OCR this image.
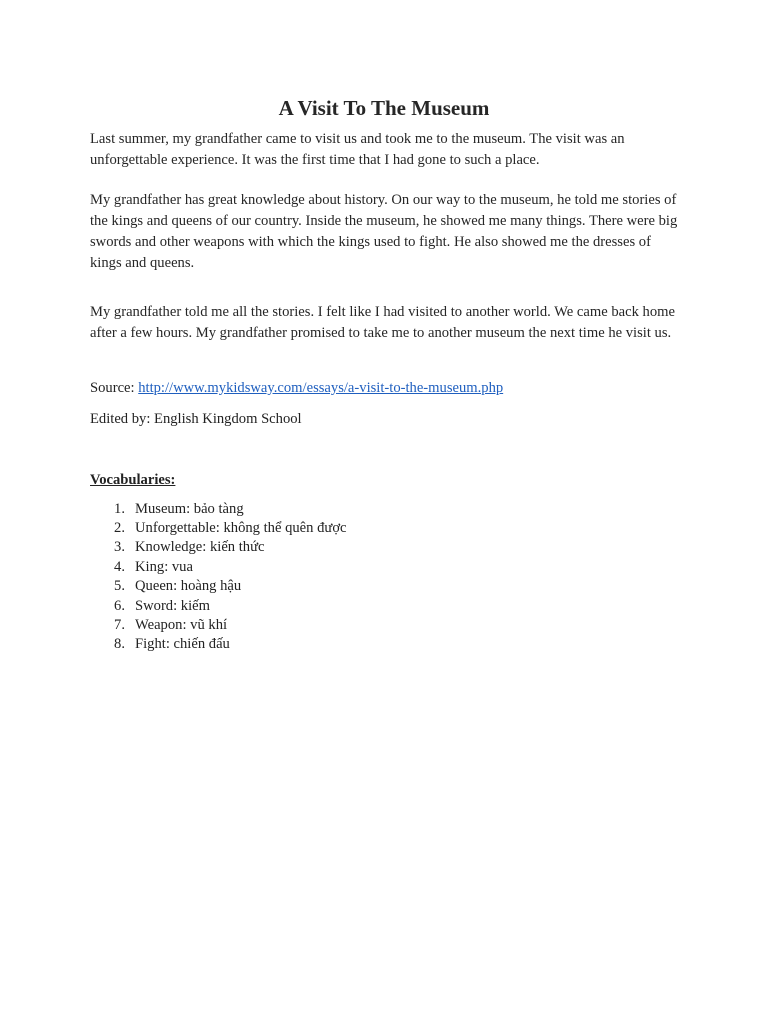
A Visit To The Museum

Last summer, my grandfather came to visit us and took me to the museum. The visit was an unforgettable experience. It was the first time that I had gone to such a place.

My grandfather has great knowledge about history. On our way to the museum, he told me stories of the kings and queens of our country. Inside the museum, he showed me many things. There were big swords and other weapons with which the kings used to fight. He also showed me the dresses of kings and queens.

My grandfather told me all the stories. I felt like I had visited to another world. We came back home after a few hours. My grandfather promised to take me to another museum the next time he visit us.

Source: http://www.mykidsway.com/essays/a-visit-to-the-museum.php
Edited by: English Kingdom School
Vocabularies:
1. Museum: bảo tàng
2. Unforgettable: không thể quên được
3. Knowledge: kiến thức
4. King: vua
5. Queen: hoàng hậu
6. Sword: kiếm
7. Weapon: vũ khí
8. Fight: chiến đấu
